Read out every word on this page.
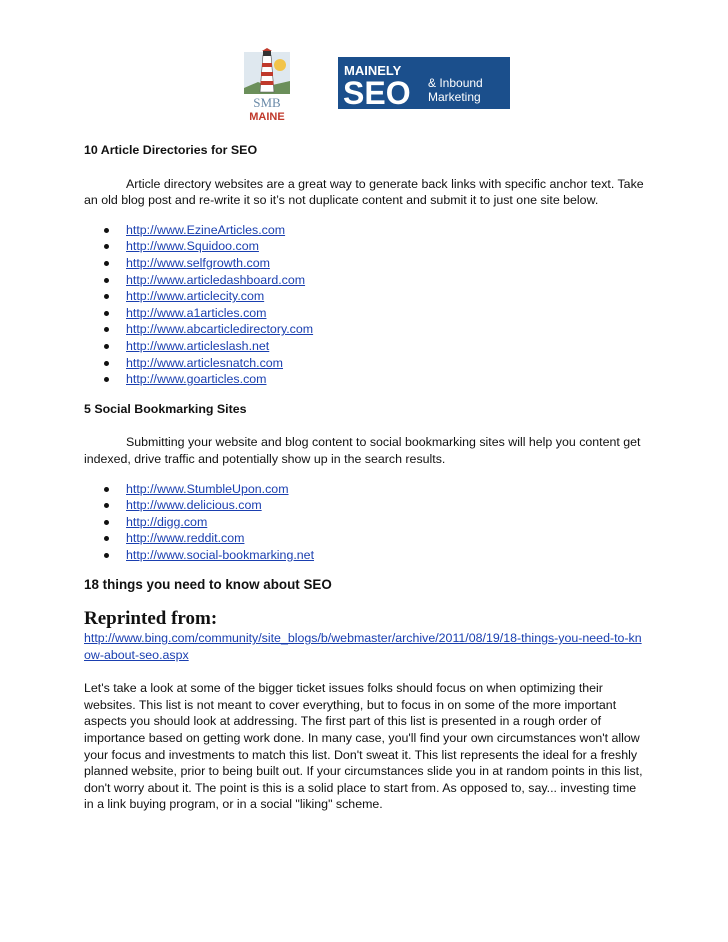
SMB
MAINE
MAINELY
SEO & Inbound
Marketing

10 Article Directories for SEO

Article directory websites are a great way to generate back links with specific anchor text. Take an old blog post and re-write it so it’s not duplicate content and submit it to just one site below.

http://www.EzineArticles.com
http://www.Squidoo.com
http://www.selfgrowth.com
http://www.articledashboard.com
http://www.articlecity.com
http://www.a1articles.com
http://www.abcarticledirectory.com
http://www.articleslash.net
http://www.articlesnatch.com
http://www.goarticles.com

5 Social Bookmarking Sites

Submitting your website and blog content to social bookmarking sites will help you content get indexed, drive traffic and potentially show up in the search results.

http://www.StumbleUpon.com
http://www.delicious.com
http://digg.com
http://www.reddit.com
http://www.social-bookmarking.net

18 things you need to know about SEO

Reprinted from:

http://www.bing.com/community/site_blogs/b/webmaster/archive/2011/08/19/18-things-you-need-to-know-about-seo.aspx

Let's take a look at some of the bigger ticket issues folks should focus on when optimizing their websites. This list is not meant to cover everything, but to focus in on some of the more important aspects you should look at addressing. The first part of this list is presented in a rough order of importance based on getting work done. In many case, you'll find your own circumstances won't allow your focus and investments to match this list. Don't sweat it. This list represents the ideal for a freshly planned website, prior to being built out. If your circumstances slide you in at random points in this list, don't worry about it. The point is this is a solid place to start from. As opposed to, say... investing time in a link buying program, or in a social "liking" scheme.
